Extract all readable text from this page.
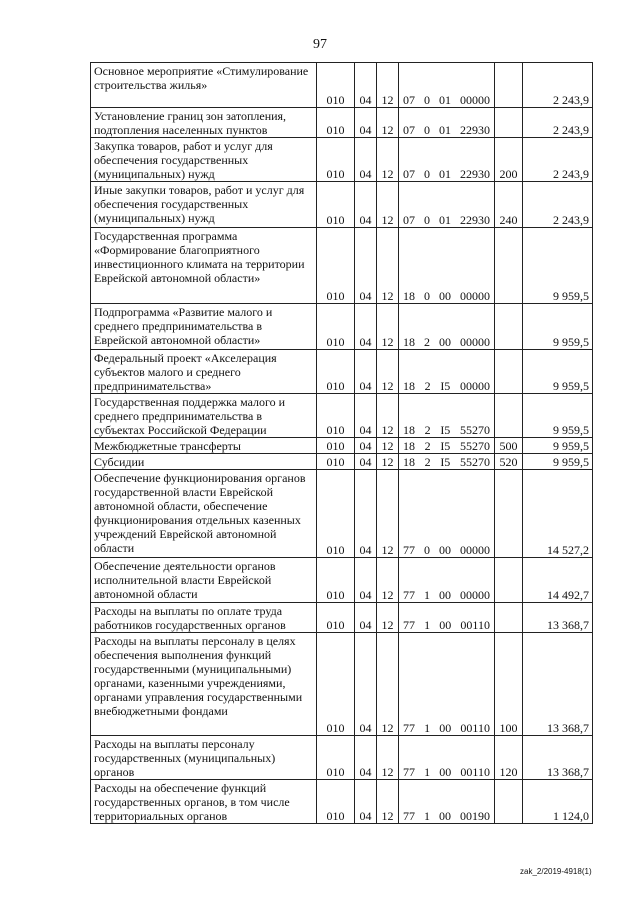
97
Основное мероприятие «Стимулирование строительства жилья»	010	04	12	07 0 01 00000		2 243,9
Установление границ зон затопления, подтопления населенных пунктов	010	04	12	07 0 01 22930		2 243,9
Закупка товаров, работ и услуг для обеспечения государственных (муниципальных) нужд	010	04	12	07 0 01 22930	200	2 243,9
Иные закупки товаров, работ и услуг для обеспечения государственных (муниципальных) нужд	010	04	12	07 0 01 22930	240	2 243,9
Государственная программа «Формирование благоприятного инвестиционного климата на территории Еврейской автономной области»	010	04	12	18 0 00 00000		9 959,5
Подпрограмма «Развитие малого и среднего предпринимательства в Еврейской автономной области»	010	04	12	18 2 00 00000		9 959,5
Федеральный проект «Акселерация субъектов малого и среднего предпринимательства»	010	04	12	18 2 I5 00000		9 959,5
Государственная поддержка малого и среднего предпринимательства в субъектах Российской Федерации	010	04	12	18 2 I5 55270		9 959,5
Межбюджетные трансферты	010	04	12	18 2 I5 55270	500	9 959,5
Субсидии	010	04	12	18 2 I5 55270	520	9 959,5
Обеспечение функционирования органов государственной власти Еврейской автономной области, обеспечение функционирования отдельных казенных учреждений Еврейской автономной области	010	04	12	77 0 00 00000		14 527,2
Обеспечение деятельности органов исполнительной власти Еврейской автономной области	010	04	12	77 1 00 00000		14 492,7
Расходы на выплаты по оплате труда работников государственных органов	010	04	12	77 1 00 00110		13 368,7
Расходы на выплаты персоналу в целях обеспечения выполнения функций государственными (муниципальными) органами, казенными учреждениями, органами управления государственными внебюджетными фондами	010	04	12	77 1 00 00110	100	13 368,7
Расходы на выплаты персоналу государственных (муниципальных) органов	010	04	12	77 1 00 00110	120	13 368,7
Расходы на обеспечение функций государственных органов, в том числе территориальных органов	010	04	12	77 1 00 00190		1 124,0
zak_2/2019-4918(1)
